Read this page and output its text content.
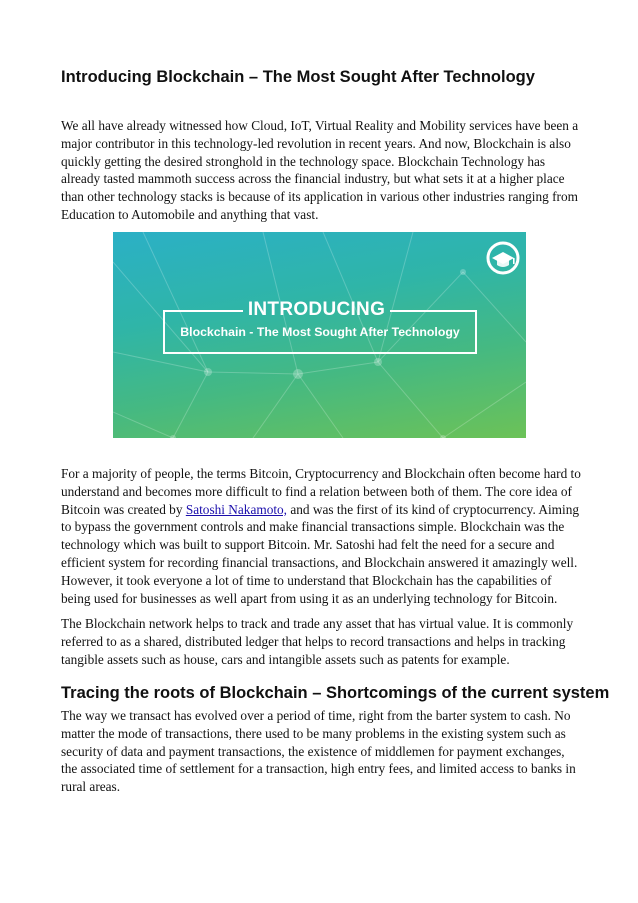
Introducing Blockchain – The Most Sought After Technology

We all have already witnessed how Cloud, IoT, Virtual Reality and Mobility services have been a major contributor in this technology-led revolution in recent years. And now, Blockchain is also quickly getting the desired stronghold in the technology space. Blockchain Technology has already tasted mammoth success across the financial industry, but what sets it at a higher place than other technology stacks is because of its application in various other industries ranging from Education to Automobile and anything that vast.

INTRODUCING
Blockchain - The Most Sought After Technology

For a majority of people, the terms Bitcoin, Cryptocurrency and Blockchain often become hard to understand and becomes more difficult to find a relation between both of them. The core idea of Bitcoin was created by Satoshi Nakamoto, and was the first of its kind of cryptocurrency. Aiming to bypass the government controls and make financial transactions simple. Blockchain was the technology which was built to support Bitcoin. Mr. Satoshi had felt the need for a secure and efficient system for recording financial transactions, and Blockchain answered it amazingly well. However, it took everyone a lot of time to understand that Blockchain has the capabilities of being used for businesses as well apart from using it as an underlying technology for Bitcoin.

The Blockchain network helps to track and trade any asset that has virtual value. It is commonly referred to as a shared, distributed ledger that helps to record transactions and helps in tracking tangible assets such as house, cars and intangible assets such as patents for example.

Tracing the roots of Blockchain – Shortcomings of the current system

The way we transact has evolved over a period of time, right from the barter system to cash. No matter the mode of transactions, there used to be many problems in the existing system such as security of data and payment transactions, the existence of middlemen for payment exchanges, the associated time of settlement for a transaction, high entry fees, and limited access to banks in rural areas.
